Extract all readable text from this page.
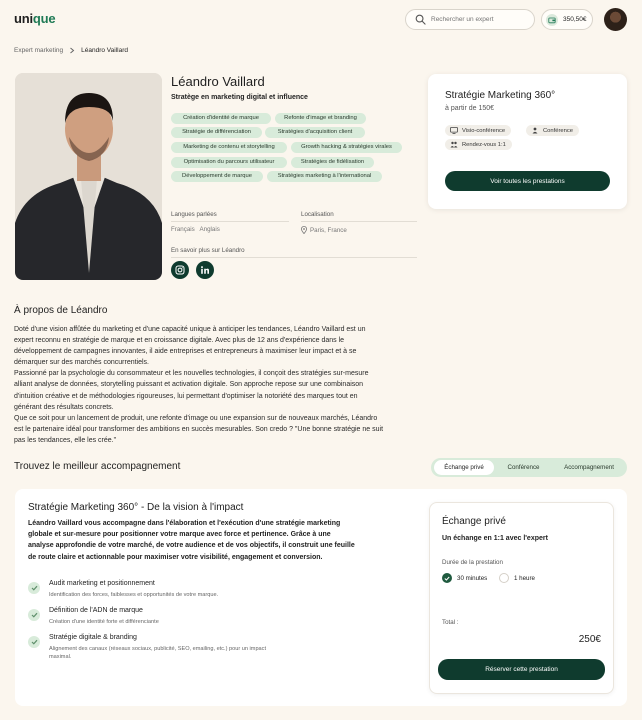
unique
Rechercher un expert	350,50€
Expert marketing	Léandro Vaillard
Léandro Vaillard
Stratège en marketing digital et influence
Création d'identité de marque	Refonte d'image et branding
Stratégie de différenciation	Stratégies d'acquisition client
Marketing de contenu et storytelling	Growth hacking & stratégies virales
Optimisation du parcours utilisateur	Stratégies de fidélisation
Développement de marque	Stratégies marketing à l'international
Langues parlées
Français   Anglais
Localisation
Paris, France
En savoir plus sur Léandro
Stratégie Marketing 360°
à partir de 150€
Visio-conférence	Conférence
Rendez-vous 1:1
Voir toutes les prestations
À propos de Léandro
Doté d'une vision affûtée du marketing et d'une capacité unique à anticiper les tendances, Léandro Vaillard est un
expert reconnu en stratégie de marque et en croissance digitale. Avec plus de 12 ans d'expérience dans le
développement de campagnes innovantes, il aide entreprises et entrepreneurs à maximiser leur impact et à se
démarquer sur des marchés concurrentiels.
Passionné par la psychologie du consommateur et les nouvelles technologies, il conçoit des stratégies sur-mesure
alliant analyse de données, storytelling puissant et activation digitale. Son approche repose sur une combinaison
d'intuition créative et de méthodologies rigoureuses, lui permettant d'optimiser la notoriété des marques tout en
générant des résultats concrets.
Que ce soit pour un lancement de produit, une refonte d'image ou une expansion sur de nouveaux marchés, Léandro
est le partenaire idéal pour transformer des ambitions en succès mesurables. Son credo ? "Une bonne stratégie ne suit
pas les tendances, elle les crée."
Trouvez le meilleur accompagnement	Échange privé	Conférence	Accompagnement
Stratégie Marketing 360° - De la vision à l'impact
Léandro Vaillard vous accompagne dans l'élaboration et l'exécution d'une stratégie marketing globale et sur-mesure pour positionner votre marque avec force et pertinence. Grâce à une analyse approfondie de votre marché, de votre audience et de vos objectifs, il construit une feuille de route claire et actionnable pour maximiser votre visibilité, engagement et conversion.
Audit marketing et positionnement
Identification des forces, faiblesses et opportunités de votre marque.
Définition de l'ADN de marque
Création d'une identité forte et différenciante
Stratégie digitale & branding
Alignement des canaux (réseaux sociaux, publicité, SEO, emailing, etc.) pour un impact maximal.
Échange privé
Un échange en 1:1 avec l'expert
Durée de la prestation
30 minutes	1 heure
Total :
250€
Réserver cette prestation
